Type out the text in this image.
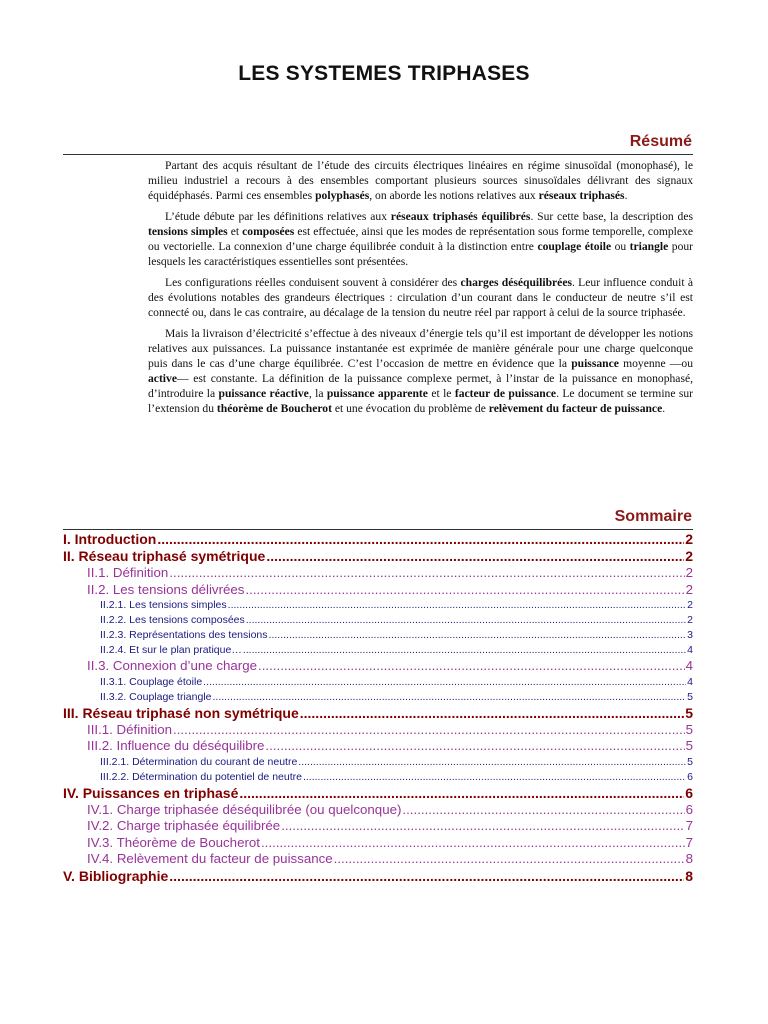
LES SYSTEMES TRIPHASES
Résumé

Partant des acquis résultant de l’étude des circuits électriques linéaires en régime sinusoïdal (monophasé), le milieu industriel a recours à des ensembles comportant plusieurs sources sinusoïdales délivrant des signaux équidéphasés. Parmi ces ensembles polyphasés, on aborde les notions relatives aux réseaux triphasés.

L’étude débute par les définitions relatives aux réseaux triphasés équilibrés. Sur cette base, la description des tensions simples et composées est effectuée, ainsi que les modes de représentation sous forme temporelle, complexe ou vectorielle. La connexion d’une charge équilibrée conduit à la distinction entre couplage étoile ou triangle pour lesquels les caractéristiques essentielles sont présentées.

Les configurations réelles conduisent souvent à considérer des charges déséquilibrées. Leur influence conduit à des évolutions notables des grandeurs électriques : circulation d’un courant dans le conducteur de neutre s’il est connecté ou, dans le cas contraire, au décalage de la tension du neutre réel par rapport à celui de la source triphasée.

Mais la livraison d’électricité s’effectue à des niveaux d’énergie tels qu’il est important de développer les notions relatives aux puissances. La puissance instantanée est exprimée de manière générale pour une charge quelconque puis dans le cas d’une charge équilibrée. C’est l’occasion de mettre en évidence que la puissance moyenne —ou active— est constante. La définition de la puissance complexe permet, à l’instar de la puissance en monophasé, d’introduire la puissance réactive, la puissance apparente et le facteur de puissance. Le document se termine sur l’extension du théorème de Boucherot et une évocation du problème de relèvement du facteur de puissance.

Sommaire
I. Introduction .....	2
II. Réseau triphasé symétrique .....	2
II.1. Définition .....	2
II.2. Les tensions délivrées .....	2
II.2.1. Les tensions simples .....	2
II.2.2. Les tensions composées .....	2
II.2.3. Représentations des tensions .....	3
II.2.4. Et sur le plan pratique… .....	4
II.3. Connexion d’une charge .....	4
II.3.1. Couplage étoile .....	4
II.3.2. Couplage triangle .....	5
III. Réseau triphasé non symétrique .....	5
III.1. Définition .....	5
III.2. Influence du déséquilibre .....	5
III.2.1. Détermination du courant de neutre .....	5
III.2.2. Détermination du potentiel de neutre .....	6
IV. Puissances en triphasé .....	6
IV.1. Charge triphasée déséquilibrée (ou quelconque) .....	6
IV.2. Charge triphasée équilibrée .....	7
IV.3. Théorème de Boucherot .....	7
IV.4. Relèvement du facteur de puissance .....	8
V. Bibliographie .....	8
